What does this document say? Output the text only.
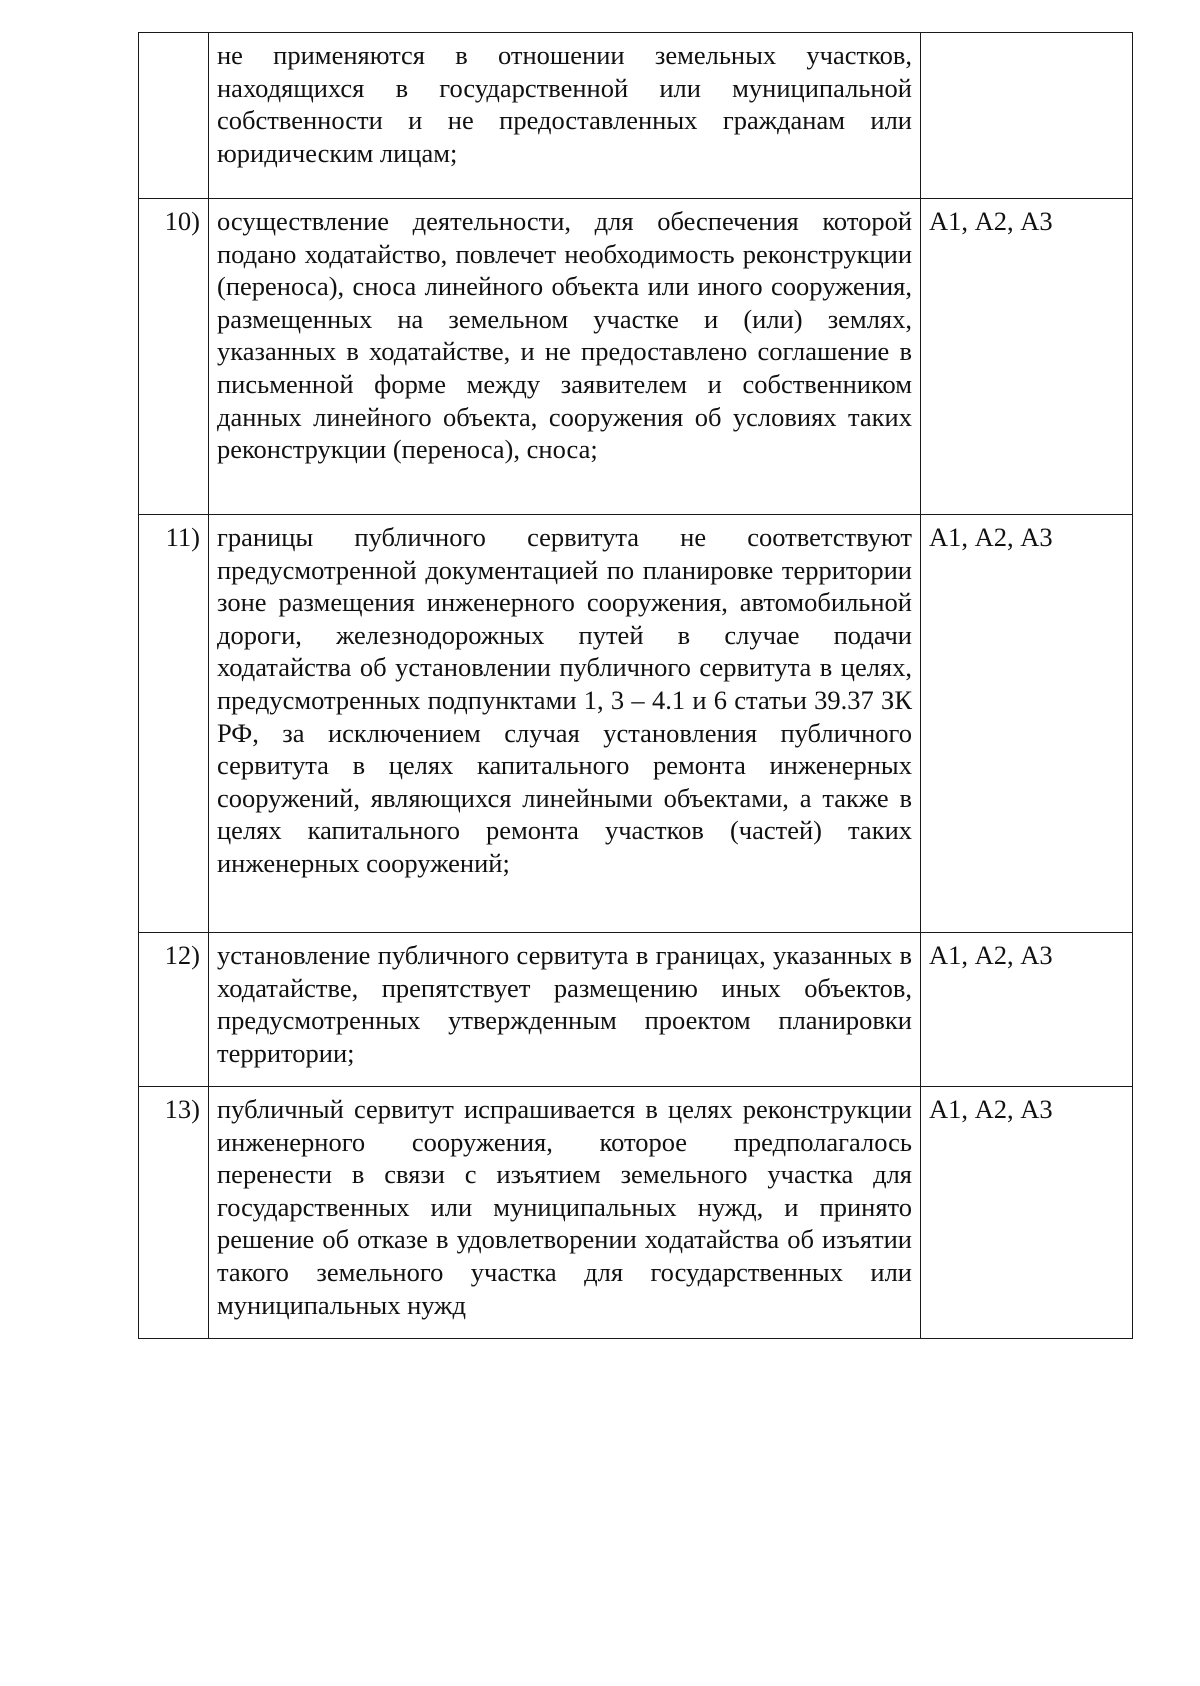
	не применяются в отношении земельных участков, находящихся в государственной или муниципальной собственности и не предоставленных гражданам или юридическим лицам;	
10)	осуществление деятельности, для обеспечения которой подано ходатайство, повлечет необходимость реконструкции (переноса), сноса линейного объекта или иного сооружения, размещенных на земельном участке и (или) землях, указанных в ходатайстве, и не предоставлено соглашение в письменной форме между заявителем и собственником данных линейного объекта, сооружения об условиях таких реконструкции (переноса), сноса;	А1, А2, А3
11)	границы публичного сервитута не соответствуют предусмотренной документацией по планировке территории зоне размещения инженерного сооружения, автомобильной дороги, железнодорожных путей в случае подачи ходатайства об установлении публичного сервитута в целях, предусмотренных подпунктами 1, 3 – 4.1 и 6 статьи 39.37 ЗК РФ, за исключением случая установления публичного сервитута в целях капитального ремонта инженерных сооружений, являющихся линейными объектами, а также в целях капитального ремонта участков (частей) таких инженерных сооружений;	А1, А2, А3
12)	установление публичного сервитута в границах, указанных в ходатайстве, препятствует размещению иных объектов, предусмотренных утвержденным проектом планировки территории;	А1, А2, А3
13)	публичный сервитут испрашивается в целях реконструкции инженерного сооружения, которое предполагалось перенести в связи с изъятием земельного участка для государственных или муниципальных нужд, и принято решение об отказе в удовлетворении ходатайства об изъятии такого земельного участка для государственных или муниципальных нужд	А1, А2, А3
